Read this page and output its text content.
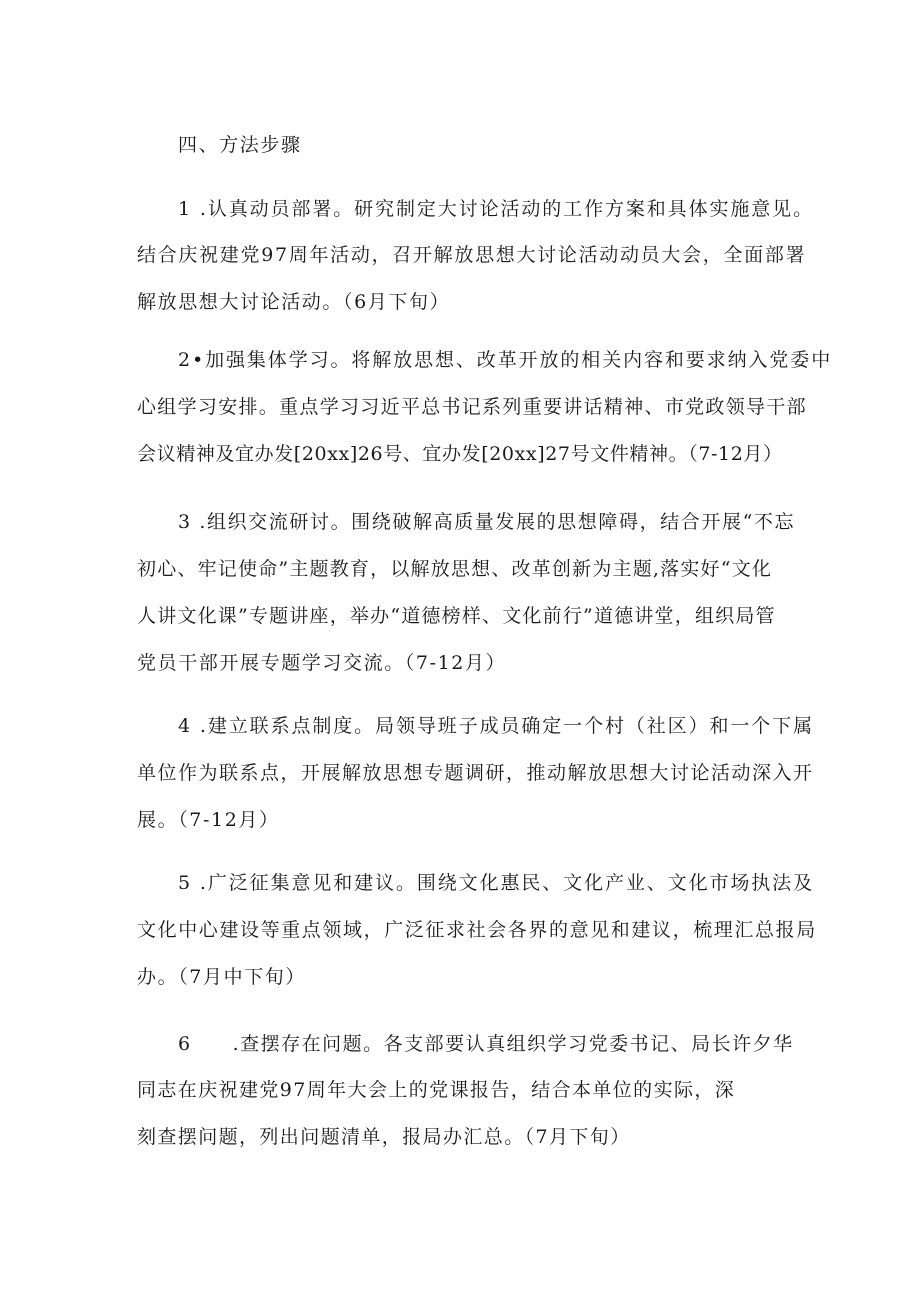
四、方法步骤

1 .认真动员部署。研究制定大讨论活动的工作方案和具体实施意见。

结合庆祝建党97周年活动，召开解放思想大讨论活动动员大会，全面部署

解放思想大讨论活动。（6月下旬）

2•加强集体学习。将解放思想、改革开放的相关内容和要求纳入党委中

心组学习安排。重点学习习近平总书记系列重要讲话精神、市党政领导干部

会议精神及宜办发[20xx]26号、宜办发[20xx]27号文件精神。（7-12月）

3 .组织交流研讨。围绕破解高质量发展的思想障碍，结合开展“不忘

初心、牢记使命”主题教育，以解放思想、改革创新为主题,落实好“文化

人讲文化课”专题讲座，举办“道德榜样、文化前行”道德讲堂，组织局管

党员干部开展专题学习交流。（7-12月）

4 .建立联系点制度。局领导班子成员确定一个村（社区）和一个下属

单位作为联系点，开展解放思想专题调研，推动解放思想大讨论活动深入开

展。（7-12月）

5 .广泛征集意见和建议。围绕文化惠民、文化产业、文化市场执法及

文化中心建设等重点领域，广泛征求社会各界的意见和建议，梳理汇总报局

办。（7月中下旬）

6　　.查摆存在问题。各支部要认真组织学习党委书记、局长许夕华

同志在庆祝建党97周年大会上的党课报告，结合本单位的实际，深

刻查摆问题，列出问题清单，报局办汇总。（7月下旬）
